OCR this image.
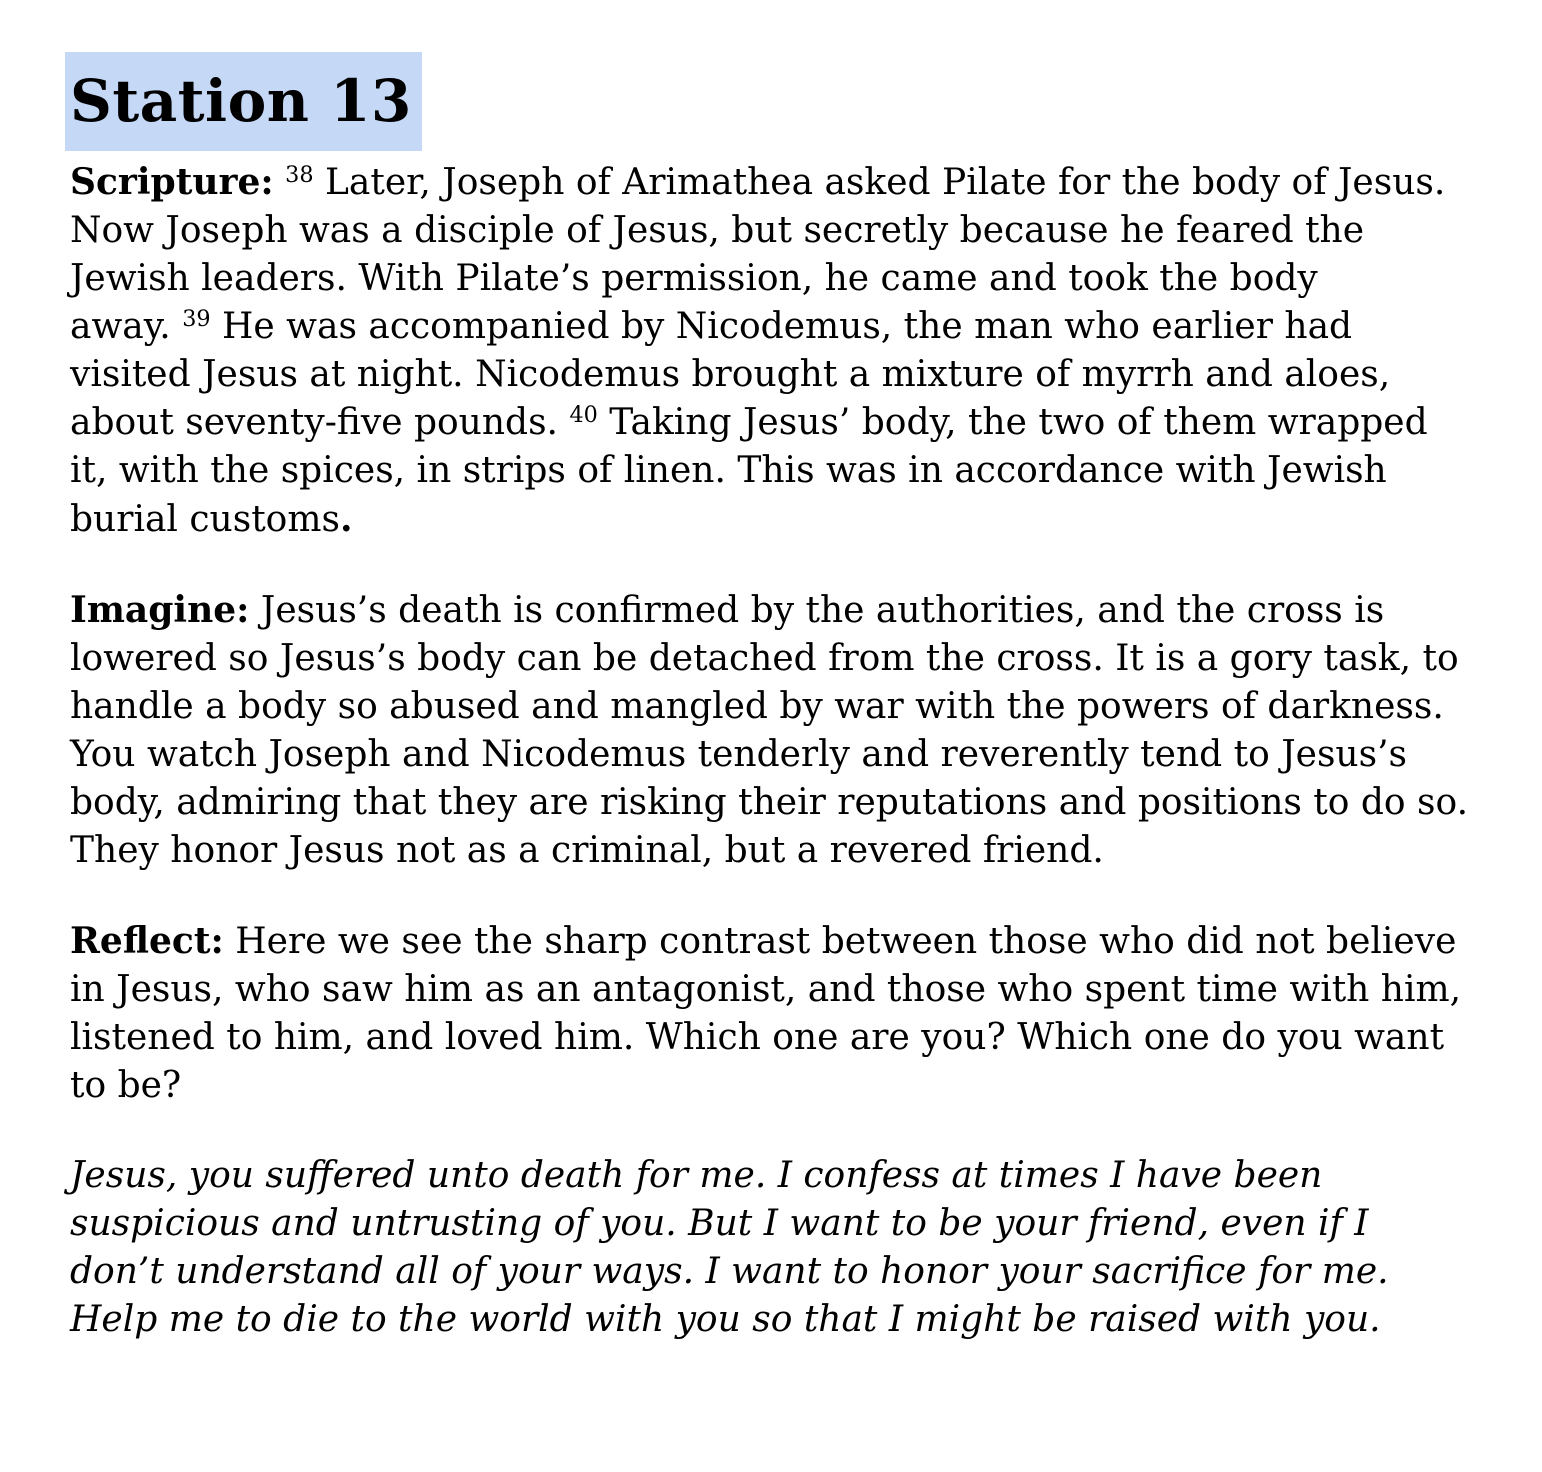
Station 13

Scripture: $^{38}$ Later, Joseph of Arimathea asked Pilate for the body of Jesus.
Now Joseph was a disciple of Jesus, but secretly because he feared the
Jewish leaders. With Pilate’s permission, he came and took the body
away. $^{39}$ He was accompanied by Nicodemus, the man who earlier had
visited Jesus at night. Nicodemus brought a mixture of myrrh and aloes,
about seventy-five pounds. $^{40}$ Taking Jesus’ body, the two of them wrapped
it, with the spices, in strips of linen. This was in accordance with Jewish
burial customs.

Imagine: Jesus’s death is confirmed by the authorities, and the cross is
lowered so Jesus’s body can be detached from the cross. It is a gory task, to
handle a body so abused and mangled by war with the powers of darkness.
You watch Joseph and Nicodemus tenderly and reverently tend to Jesus’s
body, admiring that they are risking their reputations and positions to do so.
They honor Jesus not as a criminal, but a revered friend.

Reflect: Here we see the sharp contrast between those who did not believe
in Jesus, who saw him as an antagonist, and those who spent time with him,
listened to him, and loved him. Which one are you? Which one do you want
to be?

Jesus, you suffered unto death for me. I confess at times I have been
suspicious and untrusting of you. But I want to be your friend, even if I
don’t understand all of your ways. I want to honor your sacrifice for me.
Help me to die to the world with you so that I might be raised with you.
